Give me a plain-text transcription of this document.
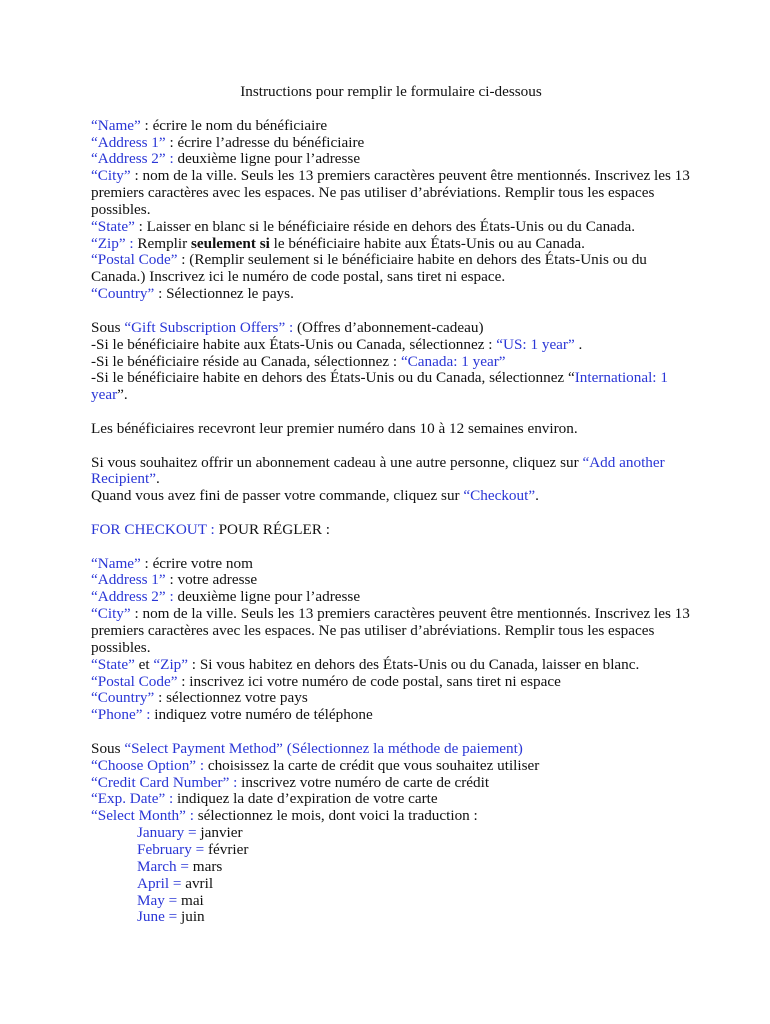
Instructions pour remplir le formulaire ci-dessous
“Name” : écrire le nom du bénéficiaire
“Address 1” : écrire l’adresse du bénéficiaire
“Address 2” : deuxième ligne pour l’adresse
“City” : nom de la ville. Seuls les 13 premiers caractères peuvent être mentionnés. Inscrivez les 13 premiers caractères avec les espaces. Ne pas utiliser d’abréviations. Remplir tous les espaces possibles.
“State” : Laisser en blanc si le bénéficiaire réside en dehors des États-Unis ou du Canada.
“Zip” : Remplir seulement si le bénéficiaire habite aux États-Unis ou au Canada.
“Postal Code” : (Remplir seulement si le bénéficiaire habite en dehors des États-Unis ou du Canada.) Inscrivez ici le numéro de code postal, sans tiret ni espace.
“Country” : Sélectionnez le pays.
Sous “Gift Subscription Offers” : (Offres d’abonnement-cadeau)
-Si le bénéficiaire habite aux États-Unis ou Canada, sélectionnez : “US: 1 year” .
-Si le bénéficiaire réside au Canada, sélectionnez : “Canada: 1 year”
-Si le bénéficiaire habite en dehors des États-Unis ou du Canada, sélectionnez “International: 1 year”.
Les bénéficiaires recevront leur premier numéro dans 10 à 12 semaines environ.
Si vous souhaitez offrir un abonnement cadeau à une autre personne, cliquez sur “Add another Recipient”.
Quand vous avez fini de passer votre commande, cliquez sur “Checkout”.
FOR CHECKOUT : POUR RÉGLER :
“Name” : écrire votre nom
“Address 1” : votre adresse
“Address 2” : deuxième ligne pour l’adresse
“City” : nom de la ville. Seuls les 13 premiers caractères peuvent être mentionnés. Inscrivez les 13 premiers caractères avec les espaces. Ne pas utiliser d’abréviations. Remplir tous les espaces possibles.
“State” et “Zip” : Si vous habitez en dehors des États-Unis ou du Canada, laisser en blanc.
“Postal Code” : inscrivez ici votre numéro de code postal, sans tiret ni espace
“Country” : sélectionnez votre pays
“Phone” : indiquez votre numéro de téléphone
Sous “Select Payment Method” (Sélectionnez la méthode de paiement)
“Choose Option” : choisissez la carte de crédit que vous souhaitez utiliser
“Credit Card Number” : inscrivez votre numéro de carte de crédit
“Exp. Date” : indiquez la date d’expiration de votre carte
“Select Month” : sélectionnez le mois, dont voici la traduction :
January = janvier
February = février
March = mars
April = avril
May = mai
June = juin
